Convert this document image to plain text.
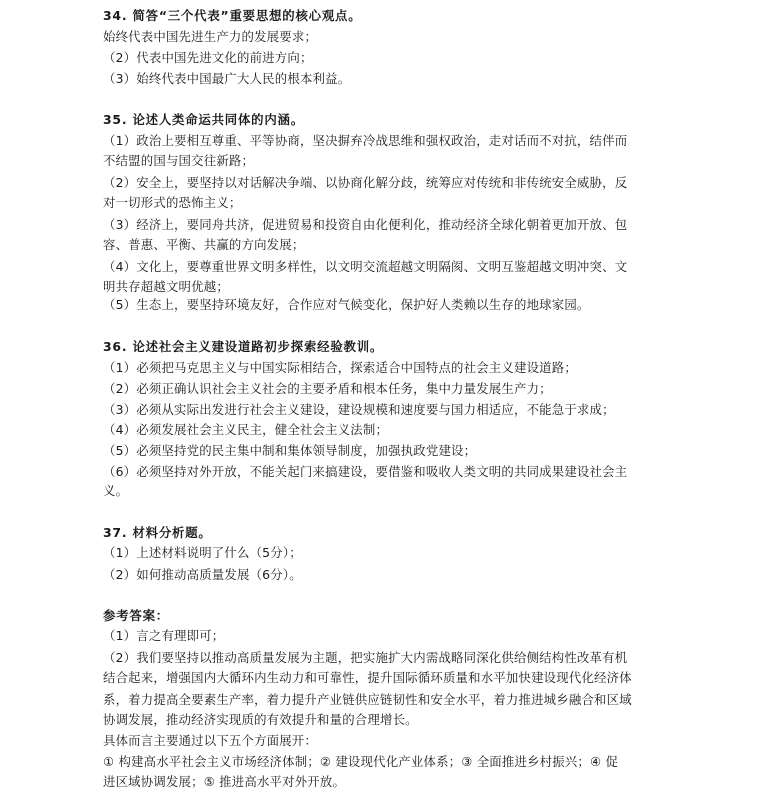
34. 简答“三个代表”重要思想的核心观点。
始终代表中国先进生产力的发展要求；
（2）代表中国先进文化的前进方向；
（3）始终代表中国最广大人民的根本利益。
35. 论述人类命运共同体的内涵。
（1）政治上要相互尊重、平等协商，坚决摒弃冷战思维和强权政治，走对话而不对抗，结伴而
不结盟的国与国交往新路；
（2）安全上，要坚持以对话解决争端、以协商化解分歧，统筹应对传统和非传统安全威胁，反
对一切形式的恐怖主义；
（3）经济上，要同舟共济，促进贸易和投资自由化便利化，推动经济全球化朝着更加开放、包
容、普惠、平衡、共赢的方向发展；
（4）文化上，要尊重世界文明多样性，以文明交流超越文明隔阂、文明互鉴超越文明冲突、文
明共存超越文明优越；
（5）生态上，要坚持环境友好，合作应对气候变化，保护好人类赖以生存的地球家园。
36. 论述社会主义建设道路初步探索经验教训。
（1）必须把马克思主义与中国实际相结合，探索适合中国特点的社会主义建设道路；
（2）必须正确认识社会主义社会的主要矛盾和根本任务，集中力量发展生产力；
（3）必须从实际出发进行社会主义建设，建设规模和速度要与国力相适应，不能急于求成；
（4）必须发展社会主义民主，健全社会主义法制；
（5）必须坚持党的民主集中制和集体领导制度，加强执政党建设；
（6）必须坚持对外开放，不能关起门来搞建设，要借鉴和吸收人类文明的共同成果建设社会主
义。
37. 材料分析题。
（1）上述材料说明了什么（5分）；
（2）如何推动高质量发展（6分）。
参考答案：
（1）言之有理即可；
（2）我们要坚持以推动高质量发展为主题，把实施扩大内需战略同深化供给侧结构性改革有机
结合起来，增强国内大循环内生动力和可靠性，提升国际循环质量和水平加快建设现代化经济体
系，着力提高全要素生产率，着力提升产业链供应链韧性和安全水平，着力推进城乡融合和区域
协调发展，推动经济实现质的有效提升和量的合理增长。
具体而言主要通过以下五个方面展开：
① 构建高水平社会主义市场经济体制；② 建设现代化产业体系；③ 全面推进乡村振兴；④ 促
进区域协调发展；⑤ 推进高水平对外开放。
